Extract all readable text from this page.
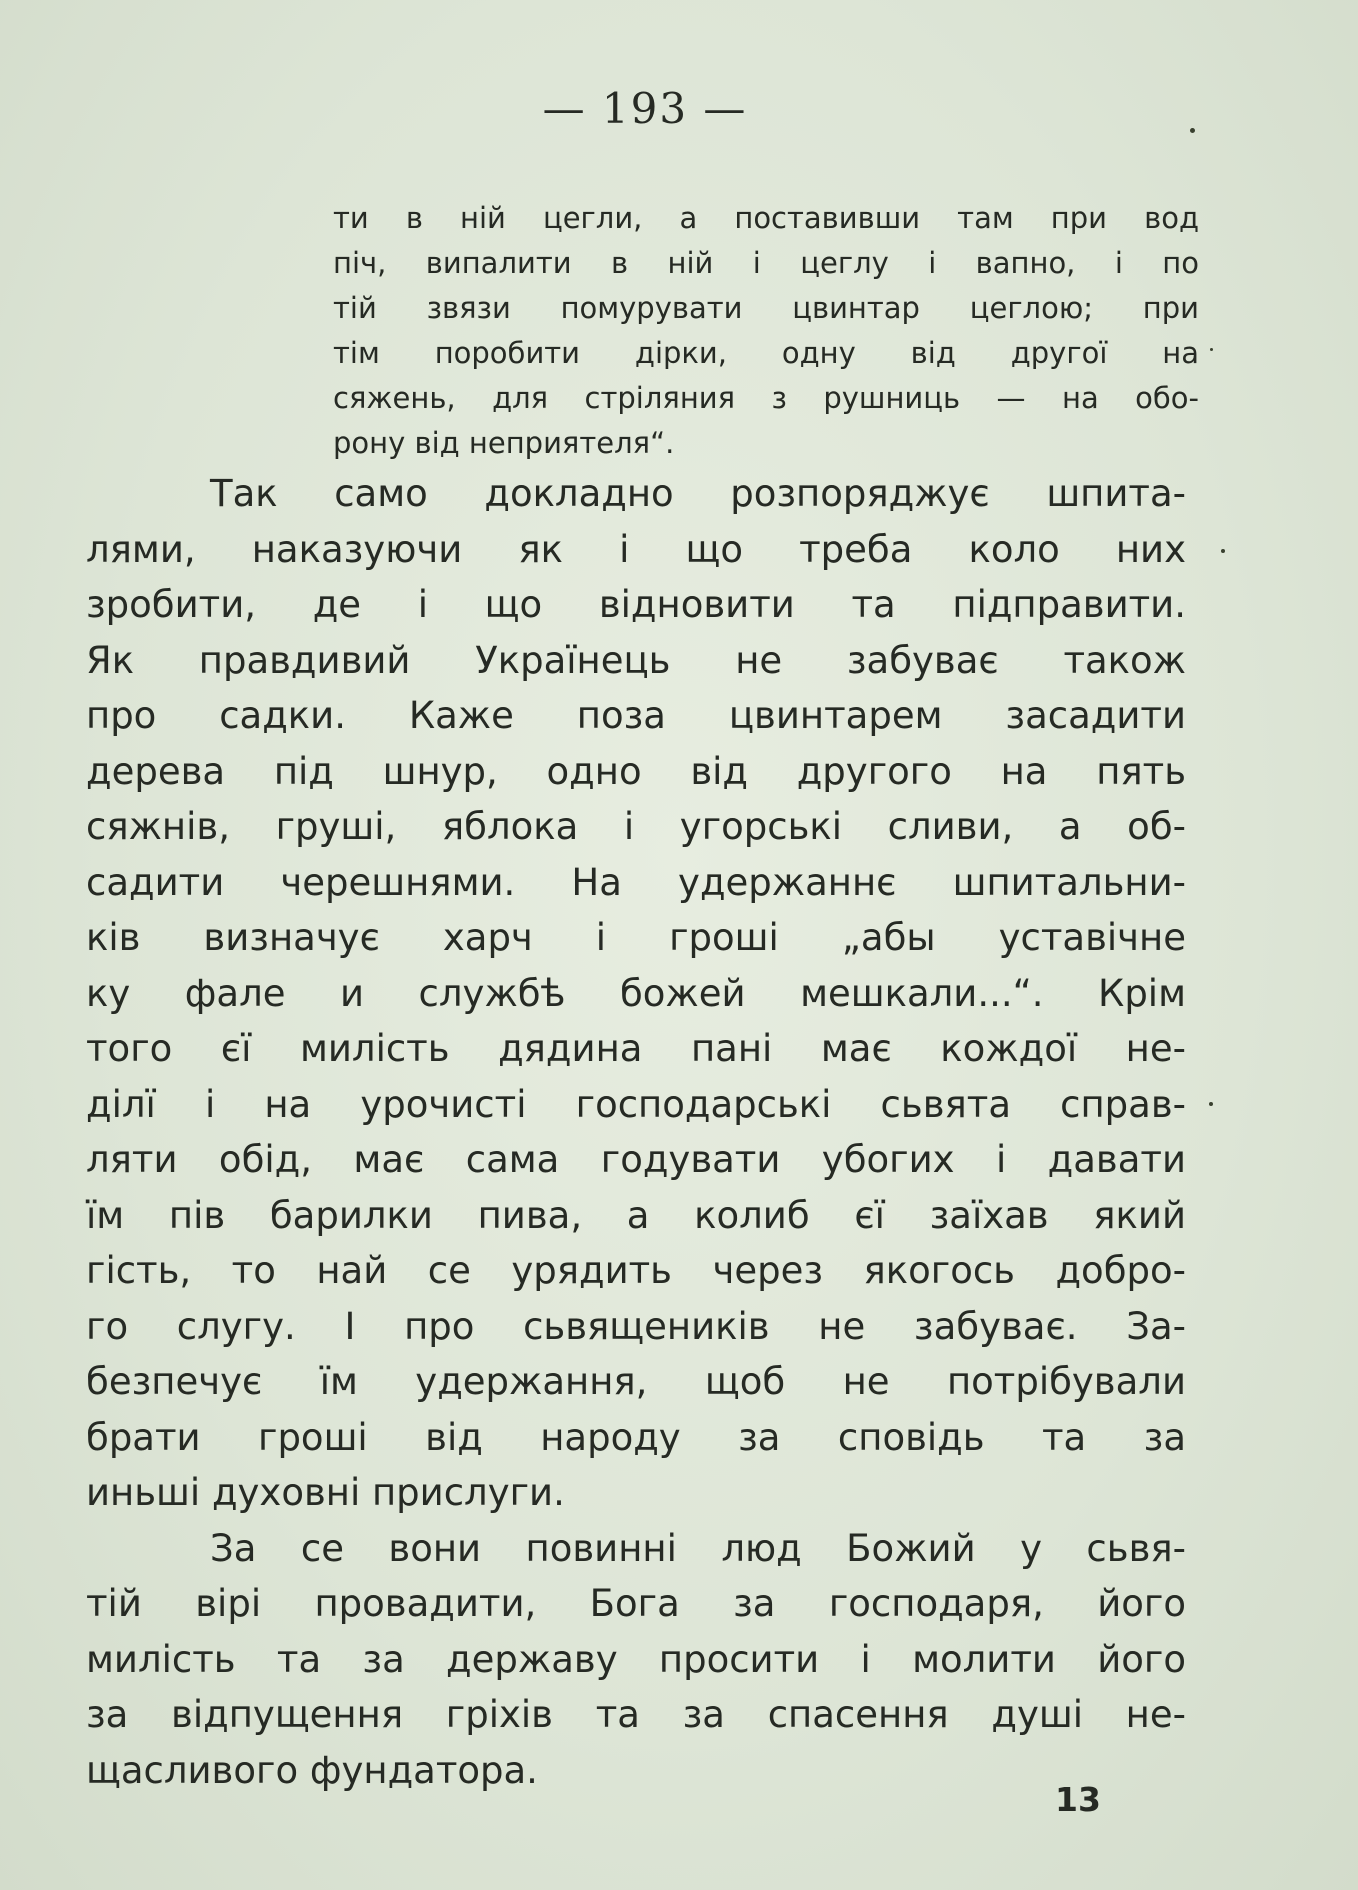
— 193 —
ти в ній цегли, а поставивши там при вод
піч, випалити в ній і цеглу і вапно, і по
тій звязи помурувати цвинтар цеглою; при
тім поробити дірки, одну від другої на
сяжень, для стріляния з рушниць — на обо-
рону від неприятеля“.
Так само докладно розпоряджує шпита-
лями, наказуючи як і що треба коло них
зробити, де і що відновити та підправити.
Як правдивий Українець не забуває також
про садки. Каже поза цвинтарем засадити
дерева під шнур, одно від другого на пять
сяжнів, груші, яблока і угорські сливи, а об-
садити черешнями. На удержаннє шпитальни-
ків визначує харч і гроші „абы уставічне
ку фале и службѣ божей мешкали...“. Крім
того єї милість дядина пані має кождої не-
ділї і на урочисті господарські сьвята справ-
ляти обід, має сама годувати убогих і давати
їм пів барилки пива, а колиб єї заїхав який
гість, то най се урядить через якогось добро-
го слугу. І про сьвящеників не забуває. За-
безпечує їм удержання, щоб не потрібували
брати гроші від народу за сповідь та за
иньші духовні прислуги.
За се вони повинні люд Божий у сьвя-
тій вірі провадити, Бога за господаря, його
милість та за державу просити і молити його
за відпущення гріхів та за спасення душі не-
щасливого фундатора.
13
